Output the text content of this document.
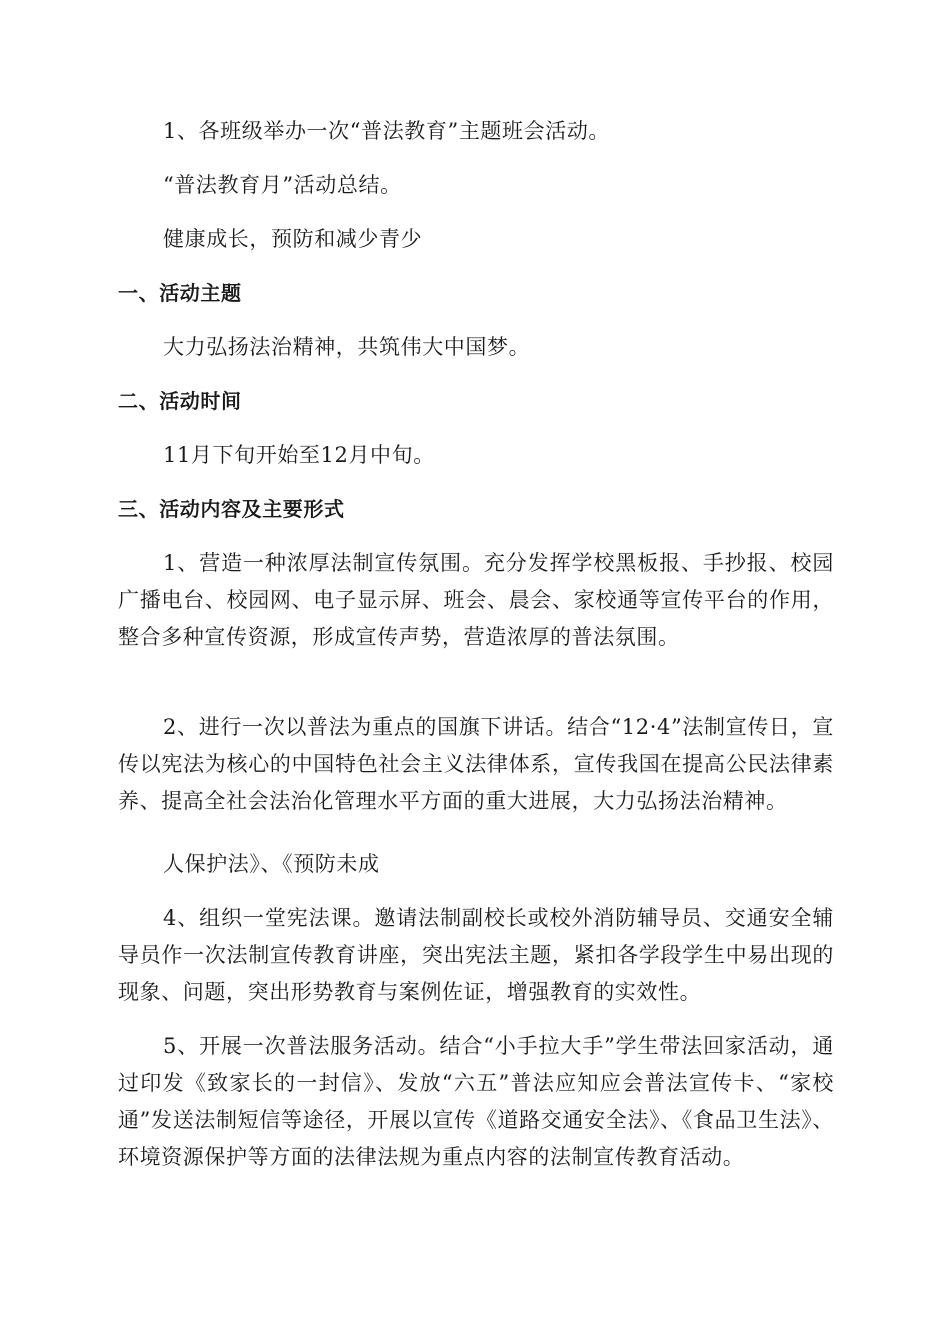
1、各班级举办一次“普法教育”主题班会活动。
“普法教育月”活动总结。
健康成长，预防和减少青少
一、活动主题
大力弘扬法治精神，共筑伟大中国梦。
二、活动时间
11月下旬开始至12月中旬。
三、活动内容及主要形式
1、营造一种浓厚法制宣传氛围。充分发挥学校黑板报、手抄报、校园广播电台、校园网、电子显示屏、班会、晨会、家校通等宣传平台的作用，整合多种宣传资源，形成宣传声势，营造浓厚的普法氛围。
2、进行一次以普法为重点的国旗下讲话。结合“12·4”法制宣传日，宣传以宪法为核心的中国特色社会主义法律体系，宣传我国在提高公民法律素养、提高全社会法治化管理水平方面的重大进展，大力弘扬法治精神。
人保护法》、《预防未成
4、组织一堂宪法课。邀请法制副校长或校外消防辅导员、交通安全辅导员作一次法制宣传教育讲座，突出宪法主题，紧扣各学段学生中易出现的现象、问题，突出形势教育与案例佐证，增强教育的实效性。
5、开展一次普法服务活动。结合“小手拉大手”学生带法回家活动，通过印发《致家长的一封信》、发放“六五”普法应知应会普法宣传卡、“家校通”发送法制短信等途径，开展以宣传《道路交通安全法》、《食品卫生法》、环境资源保护等方面的法律法规为重点内容的法制宣传教育活动。
